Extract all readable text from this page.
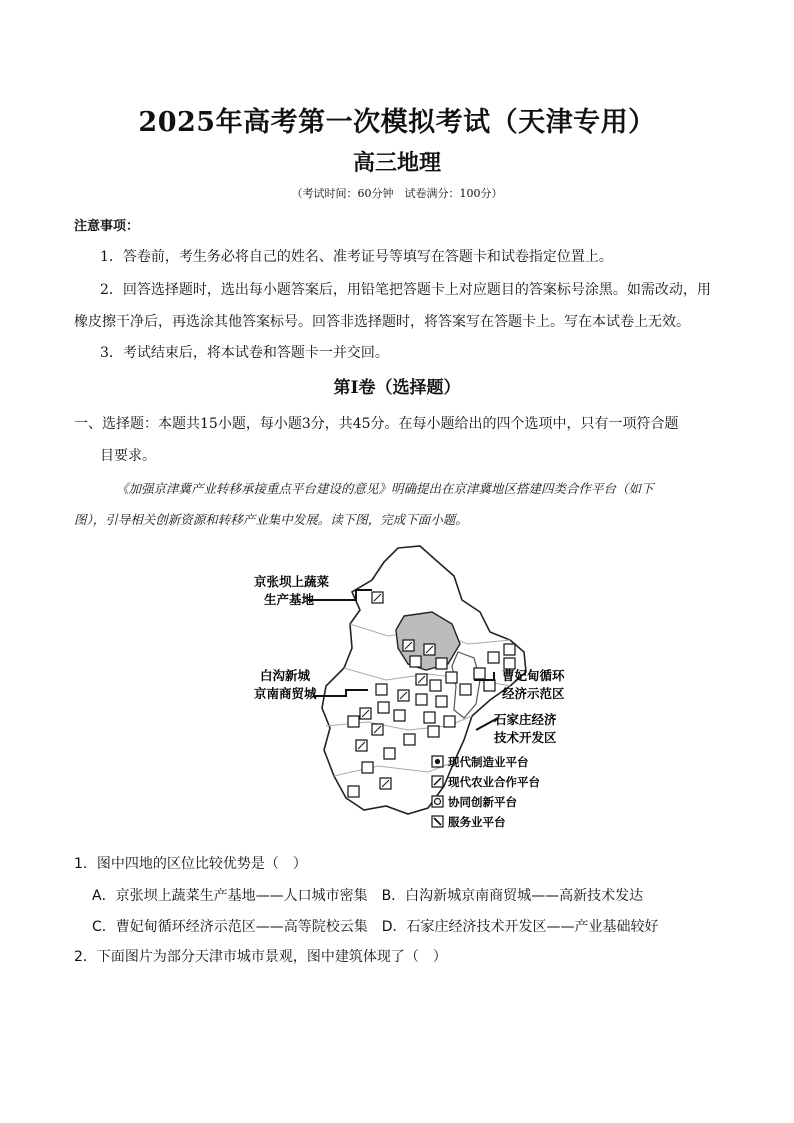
2025年高考第一次模拟考试（天津专用）
高三地理
（考试时间：60分钟　试卷满分：100分）
注意事项：
1．答卷前，考生务必将自己的姓名、准考证号等填写在答题卡和试卷指定位置上。
2．回答选择题时，选出每小题答案后，用铅笔把答题卡上对应题目的答案标号涂黑。如需改动，用
橡皮擦干净后，再选涂其他答案标号。回答非选择题时，将答案写在答题卡上。写在本试卷上无效。
3．考试结束后，将本试卷和答题卡一并交回。
第Ⅰ卷（选择题）
一、选择题：本题共15小题，每小题3分，共45分。在每小题给出的四个选项中，只有一项符合题
目要求。
《加强京津冀产业转移承接重点平台建设的意见》明确提出在京津冀地区搭建四类合作平台（如下
图），引导相关创新资源和转移产业集中发展。读下图，完成下面小题。
京张坝上蔬菜
生产基地
白沟新城
京南商贸城
曹妃甸循环
经济示范区
石家庄经济
技术开发区
现代制造业平台
现代农业合作平台
协同创新平台
服务业平台
1．图中四地的区位比较优势是（　）
A．京张坝上蔬菜生产基地——人口城市密集　B．白沟新城京南商贸城——高新技术发达
C．曹妃甸循环经济示范区——高等院校云集　D．石家庄经济技术开发区——产业基础较好
2．下面图片为部分天津市城市景观，图中建筑体现了（　）
